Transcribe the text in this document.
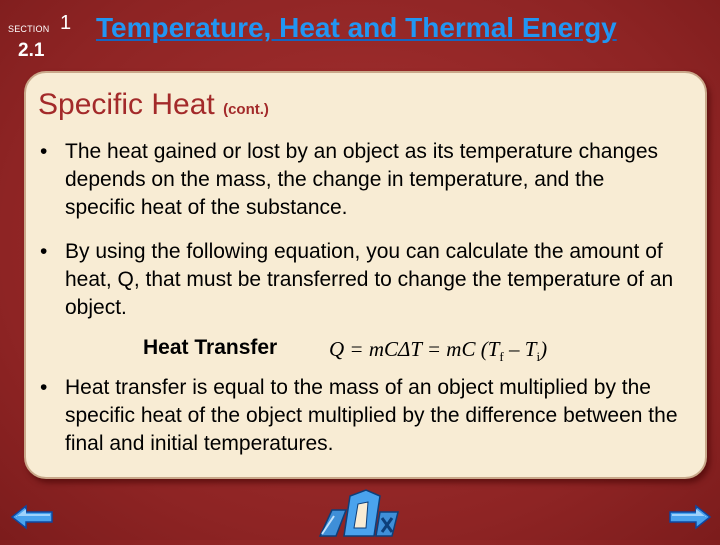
SECTION 1
2.1
Temperature, Heat and Thermal Energy
Specific Heat (cont.)
• The heat gained or lost by an object as its temperature changes depends on the mass, the change in temperature, and the specific heat of the substance.
• By using the following equation, you can calculate the amount of heat, Q, that must be transferred to change the temperature of an object.
Heat Transfer Q = mCΔT = mC $(T_f - T_i)$
• Heat transfer is equal to the mass of an object multiplied by the specific heat of the object multiplied by the difference between the final and initial temperatures.
